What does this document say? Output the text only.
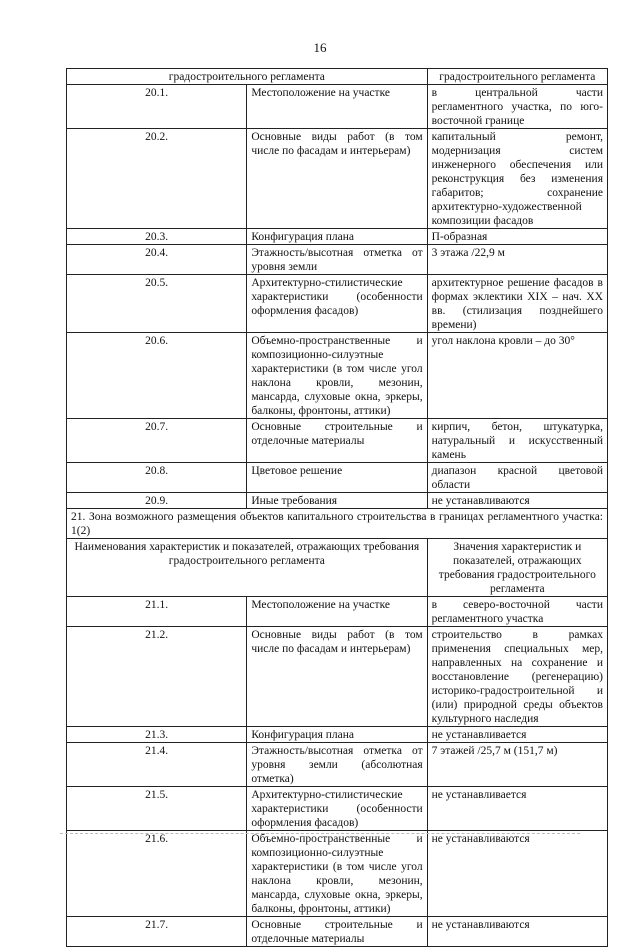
16
градостроительного регламента		градостроительного регламента
20.1.	Местоположение на участке	в центральной части регламентного участка, по юго-восточной границе
20.2.	Основные виды работ (в том числе по фасадам и интерьерам)	капитальный ремонт, модернизация систем инженерного обеспечения или реконструкция без изменения габаритов; сохранение архитектурно-художественной композиции фасадов
20.3.	Конфигурация плана	П-образная
20.4.	Этажность/высотная отметка от уровня земли	3 этажа /22,9 м
20.5.	Архитектурно-стилистические характеристики (особенности оформления фасадов)	архитектурное решение фасадов в формах эклектики XIX – нач. XX вв. (стилизация позднейшего времени)
20.6.	Объемно-пространственные и композиционно-силуэтные характеристики (в том числе угол наклона кровли, мезонин, мансарда, слуховые окна, эркеры, балконы, фронтоны, аттики)	угол наклона кровли – до 30°
20.7.	Основные строительные и отделочные материалы	кирпич, бетон, штукатурка, натуральный и искусственный камень
20.8.	Цветовое решение	диапазон красной цветовой области
20.9.	Иные требования	не устанавливаются
21. Зона возможного размещения объектов капитального строительства в границах регламентного участка: 1(2)		
Наименования характеристик и показателей, отражающих требования градостроительного регламента		Значения характеристик и показателей, отражающих требования градостроительного регламента
21.1.	Местоположение на участке	в северо-восточной части регламентного участка
21.2.	Основные виды работ (в том числе по фасадам и интерьерам)	строительство в рамках применения специальных мер, направленных на сохранение и восстановление (регенерацию) историко-градостроительной и (или) природной среды объектов культурного наследия
21.3.	Конфигурация плана	не устанавливается
21.4.	Этажность/высотная отметка от уровня земли (абсолютная отметка)	7 этажей /25,7 м (151,7 м)
21.5.	Архитектурно-стилистические характеристики (особенности оформления фасадов)	не устанавливается
21.6.	Объемно-пространственные и композиционно-силуэтные характеристики (в том числе угол наклона кровли, мезонин, мансарда, слуховые окна, эркеры, балконы, фронтоны, аттики)	не устанавливаются
21.7.	Основные строительные и отделочные материалы	не устанавливаются
